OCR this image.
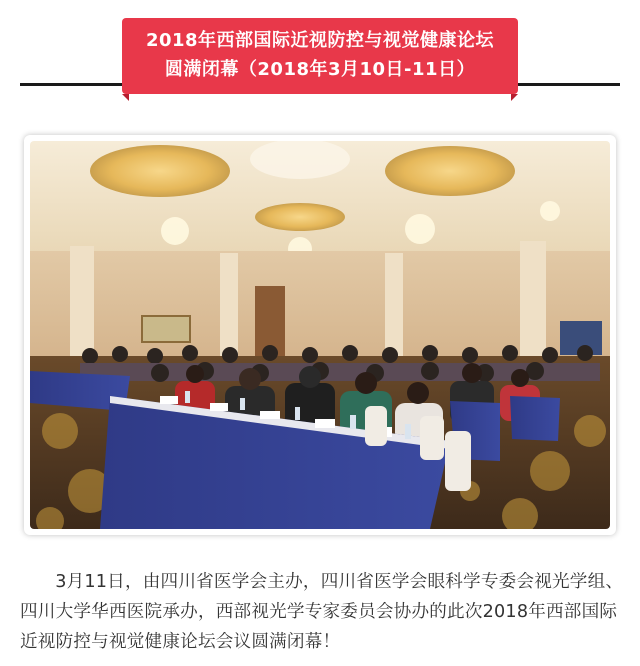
2018年西部国际近视防控与视觉健康论坛
圆满闭幕（2018年3月10日-11日）

3月11日，由四川省医学会主办，四川省医学会眼科学专委会视光学组、四川大学华西医院承办，西部视光学专家委员会协办的此次2018年西部国际近视防控与视觉健康论坛会议圆满闭幕！
